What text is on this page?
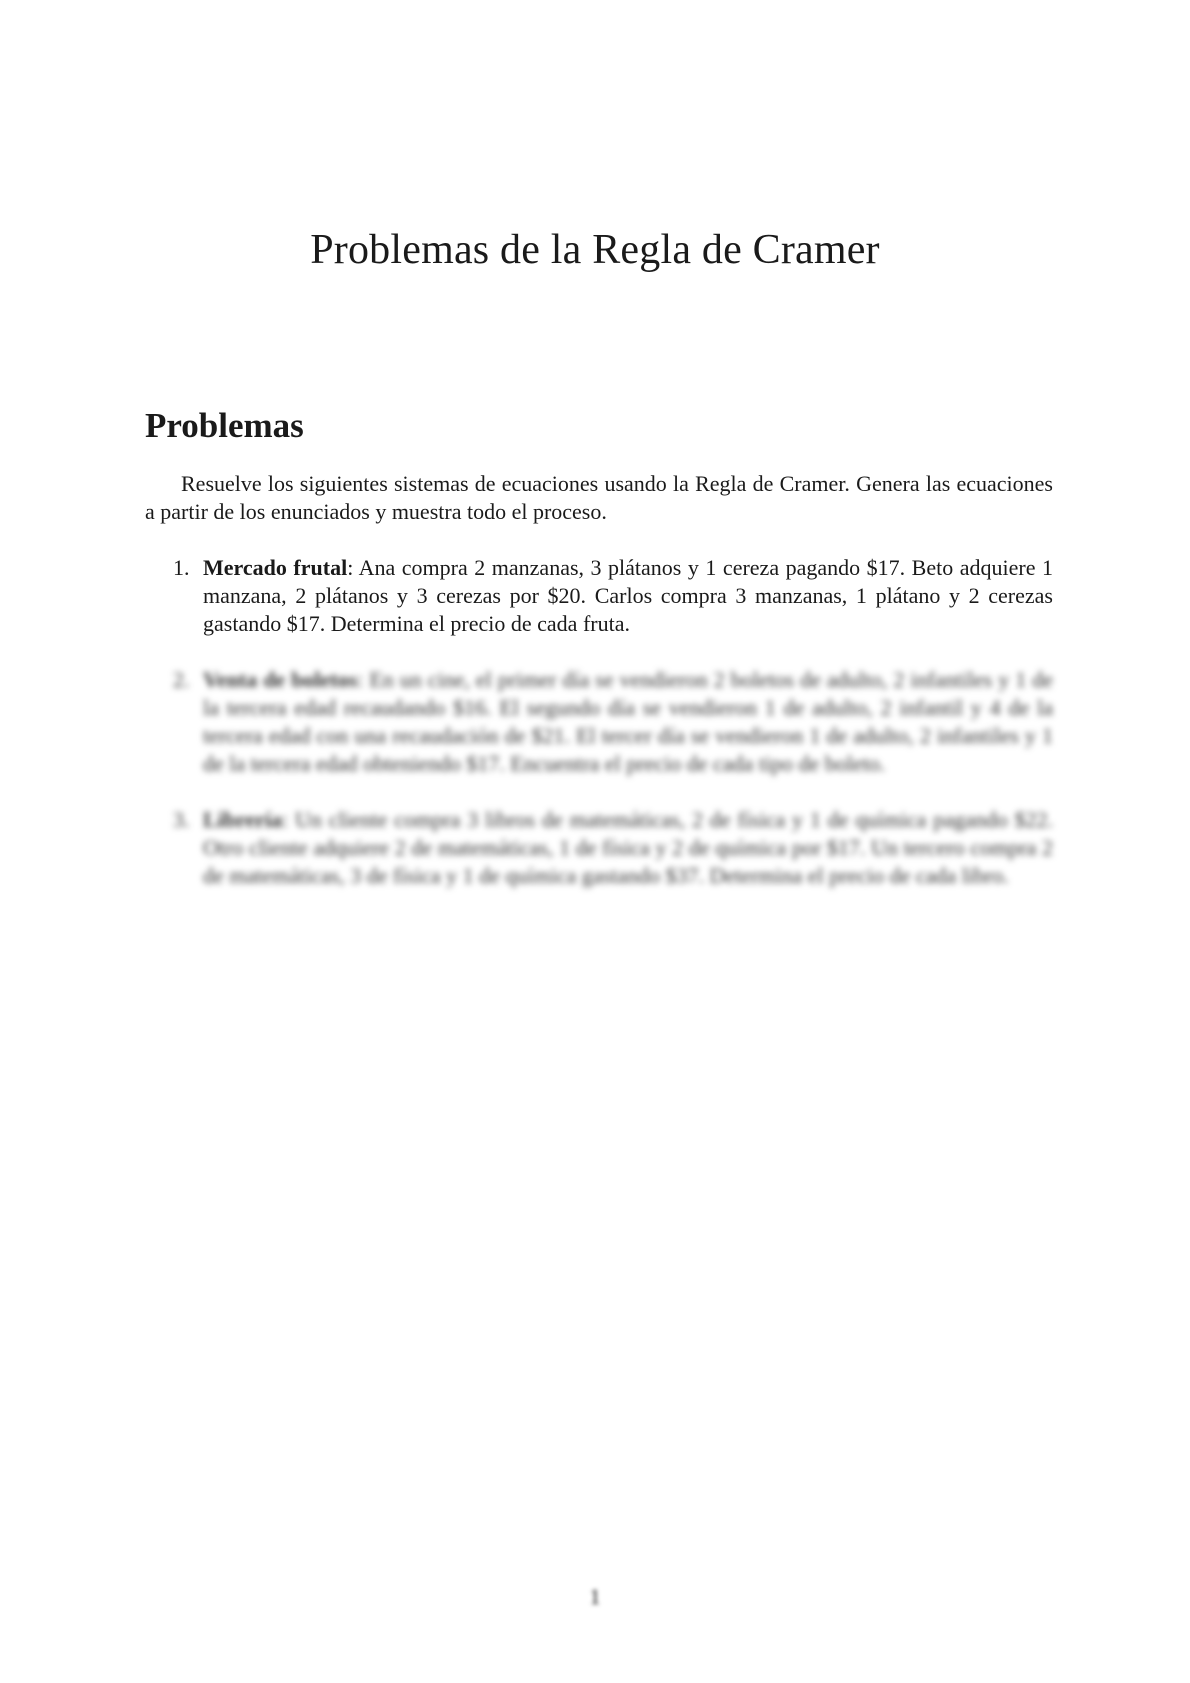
Problemas de la Regla de Cramer
Problemas

Resuelve los siguientes sistemas de ecuaciones usando la Regla de Cramer. Genera las ecuaciones a partir de los enunciados y muestra todo el proceso.

1. Mercado frutal: Ana compra 2 manzanas, 3 plátanos y 1 cereza pagando $17. Beto adquiere 1 manzana, 2 plátanos y 3 cerezas por $20. Carlos compra 3 manzanas, 1 plátano y 2 cerezas gastando $17. Determina el precio de cada fruta.
2. Venta de boletos: En un cine, el primer día se vendieron 2 boletos de adulto, 2 infantiles y 1 de la tercera edad recaudando $16. El segundo día se vendieron 1 de adulto, 2 infantil y 4 de la tercera edad con una recaudación de $21. El tercer día se vendieron 1 de adulto, 2 infantiles y 1 de la tercera edad obteniendo $17. Encuentra el precio de cada tipo de boleto.
3. Librería: Un cliente compra 3 libros de matemáticas, 2 de física y 1 de química pagando $22. Otro cliente adquiere 2 de matemáticas, 1 de física y 2 de química por $17. Un tercero compra 2 de matemáticas, 3 de física y 1 de química gastando $37. Determina el precio de cada libro.
1
